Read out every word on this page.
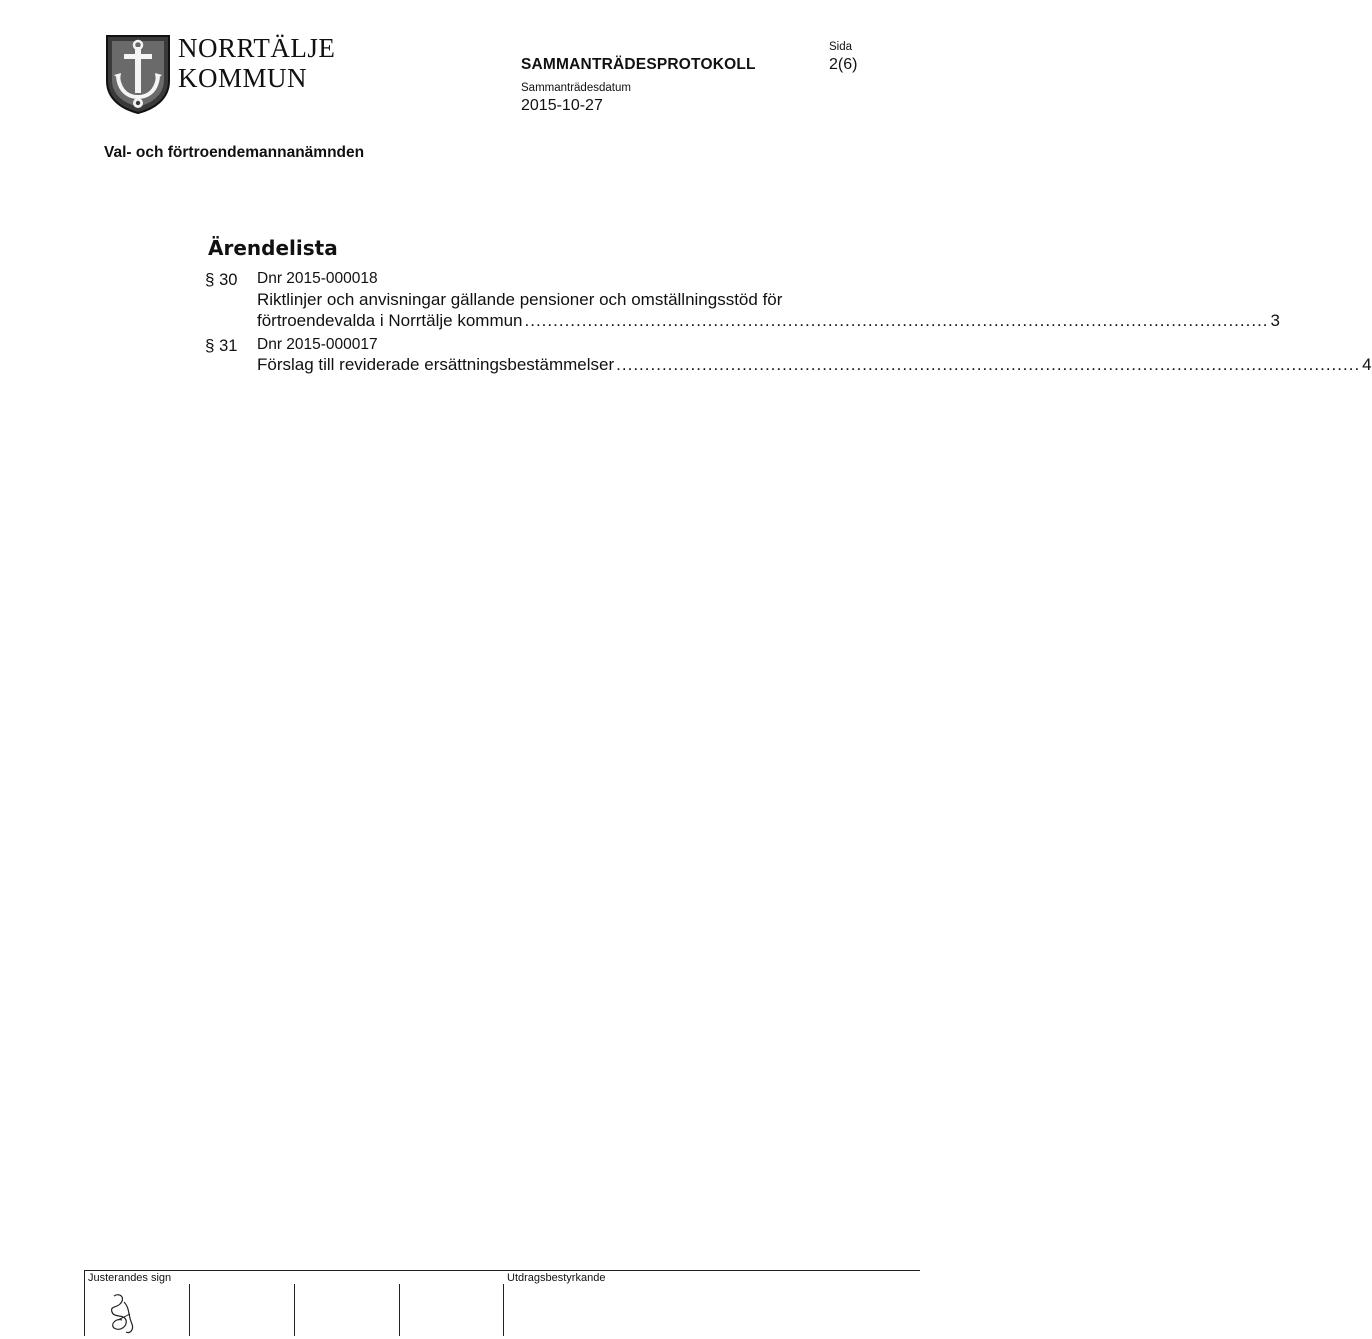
NORRTÄLJE
KOMMUN	SAMMANTRÄDESPROTOKOLL
Sammanträdesdatum
2015-10-27
Sida
2(6)
Val- och förtroendemannanämnden
Ärendelista
§ 30 Dnr 2015-000018
Riktlinjer och anvisningar gällande pensioner och omställningsstöd för
förtroendevalda i Norrtälje kommun .................................................................................................................................. 3
§ 31 Dnr 2015-000017
Förslag till reviderade ersättningsbestämmelser .................................................................................................................................. 4
Justerandes sign	Utdragsbestyrkande
